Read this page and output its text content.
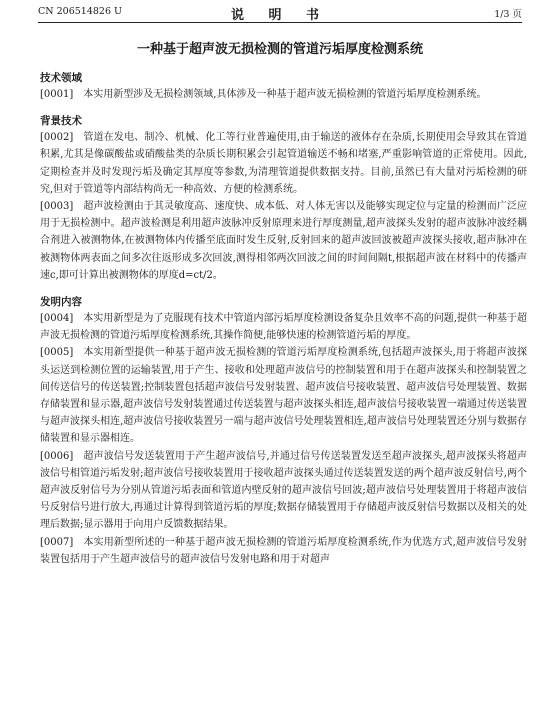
CN 206514826 U	说 明 书	1/3 页
一种基于超声波无损检测的管道污垢厚度检测系统
技术领域

[0001] 本实用新型涉及无损检测领域,具体涉及一种基于超声波无损检测的管道污垢厚度检测系统。

背景技术

[0002] 管道在发电、制冷、机械、化工等行业普遍使用,由于输送的液体存在杂质,长期使用会导致其在管道积累,尤其是像碳酸盐或硝酸盐类的杂质长期积累会引起管道输送不畅和堵塞,严重影响管道的正常使用。因此,定期检查并及时发现污垢及确定其厚度等参数,为清理管道提供数据支持。目前,虽然已有大量对污垢检测的研究,但对于管道等内部结构尚无一种高效、方便的检测系统。

[0003] 超声波检测由于其灵敏度高、速度快、成本低、对人体无害以及能够实现定位与定量的检测而广泛应用于无损检测中。超声波检测是利用超声波脉冲反射原理来进行厚度测量,超声波探头发射的超声波脉冲波经耦合剂进入被测物体,在被测物体内传播至底面时发生反射,反射回来的超声波回波被超声波探头接收,超声脉冲在被测物体两表面之间多次往返形成多次回波,测得相邻两次回波之间的时间间隔t,根据超声波在材料中的传播声速c,即可计算出被测物体的厚度d=ct/2。

发明内容

[0004] 本实用新型是为了克服现有技术中管道内部污垢厚度检测设备复杂且效率不高的问题,提供一种基于超声波无损检测的管道污垢厚度检测系统,其操作简便,能够快速的检测管道污垢的厚度。

[0005] 本实用新型提供一种基于超声波无损检测的管道污垢厚度检测系统,包括超声波探头,用于将超声波探头运送到检测位置的运输装置,用于产生、接收和处理超声波信号的控制装置和用于在超声波探头和控制装置之间传送信号的传送装置;控制装置包括超声波信号发射装置、超声波信号接收装置、超声波信号处理装置、数据存储装置和显示器,超声波信号发射装置通过传送装置与超声波探头相连,超声波信号接收装置一端通过传送装置与超声波探头相连,超声波信号接收装置另一端与超声波信号处理装置相连,超声波信号处理装置还分别与数据存储装置和显示器相连。

[0006] 超声波信号发送装置用于产生超声波信号,并通过信号传送装置发送至超声波探头,超声波探头将超声波信号相管道污垢发射;超声波信号接收装置用于接收超声波探头通过传送装置发送的两个超声波反射信号,两个超声波反射信号为分别从管道污垢表面和管道内壁反射的超声波信号回波;超声波信号处理装置用于将超声波信号反射信号进行放大,再通过计算得到管道污垢的厚度;数据存储装置用于存储超声波反射信号数据以及相关的处理后数据;显示器用于向用户反馈数据结果。

[0007] 本实用新型所述的一种基于超声波无损检测的管道污垢厚度检测系统,作为优选方式,超声波信号发射装置包括用于产生超声波信号的超声波信号发射电路和用于对超声
